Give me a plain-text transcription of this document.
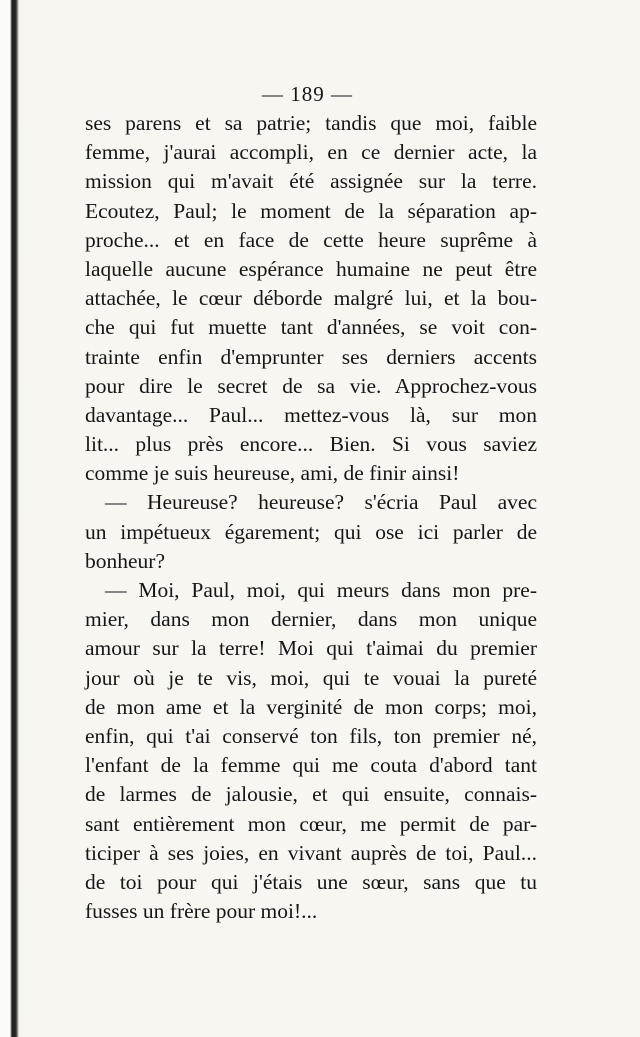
— 189 —
ses parens et sa patrie; tandis que moi, faible
femme, j'aurai accompli, en ce dernier acte, la
mission qui m'avait été assignée sur la terre.
Ecoutez, Paul; le moment de la séparation ap-
proche... et en face de cette heure suprême à
laquelle aucune espérance humaine ne peut être
attachée, le cœur déborde malgré lui, et la bou-
che qui fut muette tant d'années, se voit con-
trainte enfin d'emprunter ses derniers accents
pour dire le secret de sa vie. Approchez-vous
davantage... Paul... mettez-vous là, sur mon
lit... plus près encore... Bien. Si vous saviez
comme je suis heureuse, ami, de finir ainsi!
— Heureuse? heureuse? s'écria Paul avec
un impétueux égarement; qui ose ici parler de
bonheur?
— Moi, Paul, moi, qui meurs dans mon pre-
mier, dans mon dernier, dans mon unique
amour sur la terre! Moi qui t'aimai du premier
jour où je te vis, moi, qui te vouai la pureté
de mon ame et la verginité de mon corps; moi,
enfin, qui t'ai conservé ton fils, ton premier né,
l'enfant de la femme qui me couta d'abord tant
de larmes de jalousie, et qui ensuite, connais-
sant entièrement mon cœur, me permit de par-
ticiper à ses joies, en vivant auprès de toi, Paul...
de toi pour qui j'étais une sœur, sans que tu
fusses un frère pour moi!...
